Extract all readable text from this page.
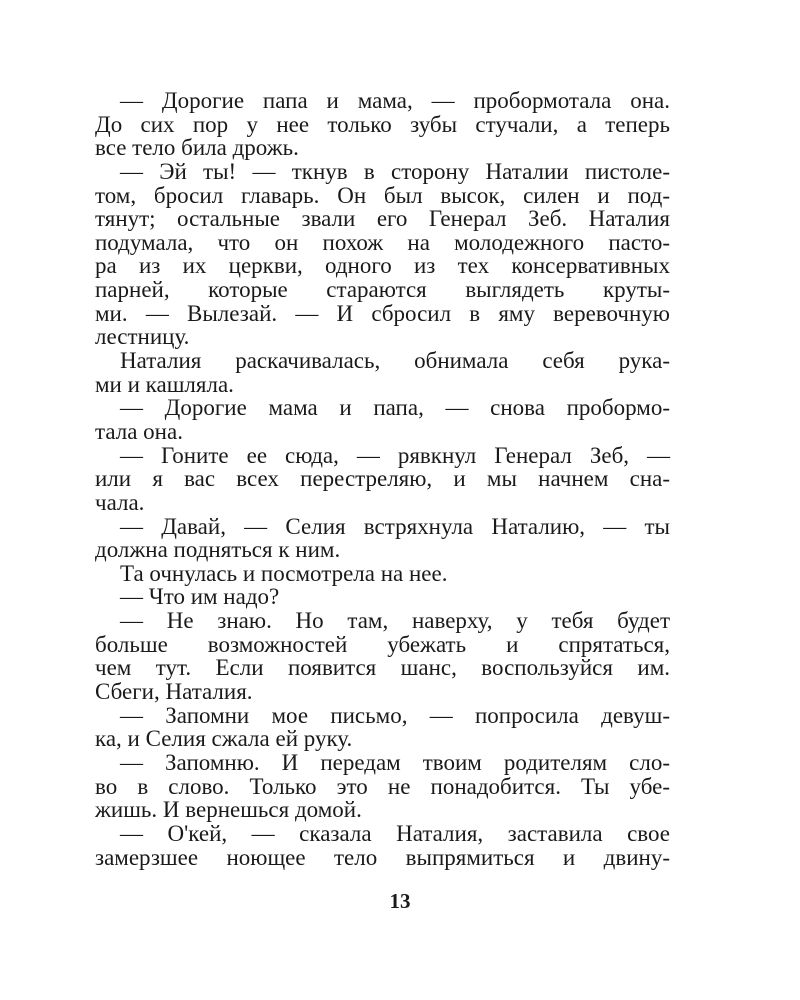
— Дорогие папа и мама, — пробормотала она.
До сих пор у нее только зубы стучали, а теперь
все тело била дрожь.
— Эй ты! — ткнув в сторону Наталии пистоле-
том, бросил главарь. Он был высок, силен и под-
тянут; остальные звали его Генерал Зеб. Наталия
подумала, что он похож на молодежного пасто-
ра из их церкви, одного из тех консервативных
парней, которые стараются выглядеть круты-
ми. — Вылезай. — И сбросил в яму веревочную
лестницу.
Наталия раскачивалась, обнимала себя рука-
ми и кашляла.
— Дорогие мама и папа, — снова пробормо-
тала она.
— Гоните ее сюда, — рявкнул Генерал Зеб, —
или я вас всех перестреляю, и мы начнем сна-
чала.
— Давай, — Селия встряхнула Наталию, — ты
должна подняться к ним.
Та очнулась и посмотрела на нее.
— Что им надо?
— Не знаю. Но там, наверху, у тебя будет
больше возможностей убежать и спрятаться,
чем тут. Если появится шанс, воспользуйся им.
Сбеги, Наталия.
— Запомни мое письмо, — попросила девуш-
ка, и Селия сжала ей руку.
— Запомню. И передам твоим родителям сло-
во в слово. Только это не понадобится. Ты убе-
жишь. И вернешься домой.
— О'кей, — сказала Наталия, заставила свое
замерзшее ноющее тело выпрямиться и двину-
13
